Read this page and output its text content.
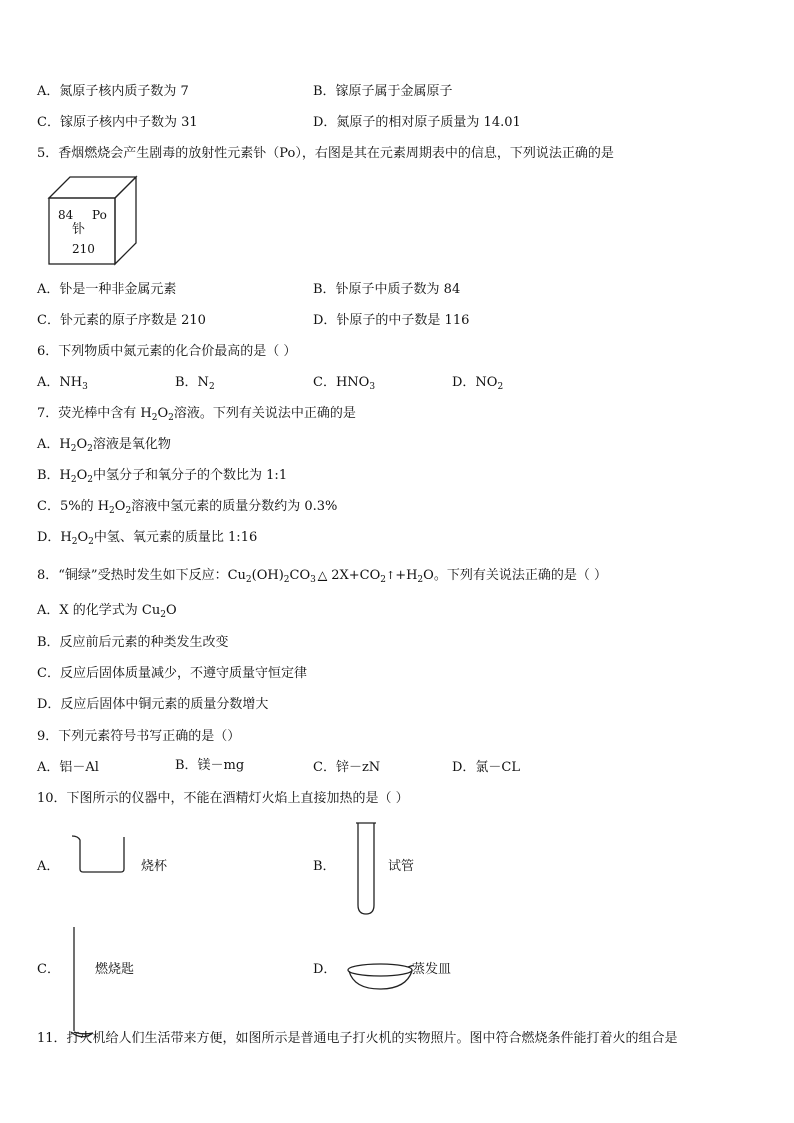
A．氮原子核内质子数为 7	B．镓原子属于金属原子
C．镓原子核内中子数为 31	D．氮原子的相对原子质量为 14.01
5．香烟燃烧会产生剧毒的放射性元素钋（Po），右图是其在元素周期表中的信息，下列说法正确的是
84 Po
钋
210
A．钋是一种非金属元素	B．钋原子中质子数为 84
C．钋元素的原子序数是 210	D．钋原子的中子数是 116
6．下列物质中氮元素的化合价最高的是（ ）
A．$NH_3$	B．$N_2$	C．$HNO_3$	D．$NO_2$
7．荧光棒中含有 $H_2O_2$溶液。下列有关说法中正确的是
A．$H_2O_2$溶液是氧化物
B．$H_2O_2$中氢分子和氧分子的个数比为 1:1
C．5%的 $H_2O_2$溶液中氢元素的质量分数约为 0.3%
D．$H_2O_2$中氢、氧元素的质量比 1:16
8．“铜绿”受热时发生如下反应：$Cu_2(OH)_2CO_3$ △ $2X+CO_2↑+H_2O$。下列有关说法正确的是（ ）
A．X 的化学式为 $Cu_2O$
B．反应前后元素的种类发生改变
C．反应后固体质量减少，不遵守质量守恒定律
D．反应后固体中铜元素的质量分数增大
9．下列元素符号书写正确的是（）
A．铝－Al	B．镁－mg	C．锌－zN	D．氯－CL
10．下图所示的仪器中，不能在酒精灯火焰上直接加热的是（ ）
A．	烧杯	B．	试管
C．	燃烧匙	D．	蒸发皿
11．打火机给人们生活带来方便，如图所示是普通电子打火机的实物照片。图中符合燃烧条件能打着火的组合是
